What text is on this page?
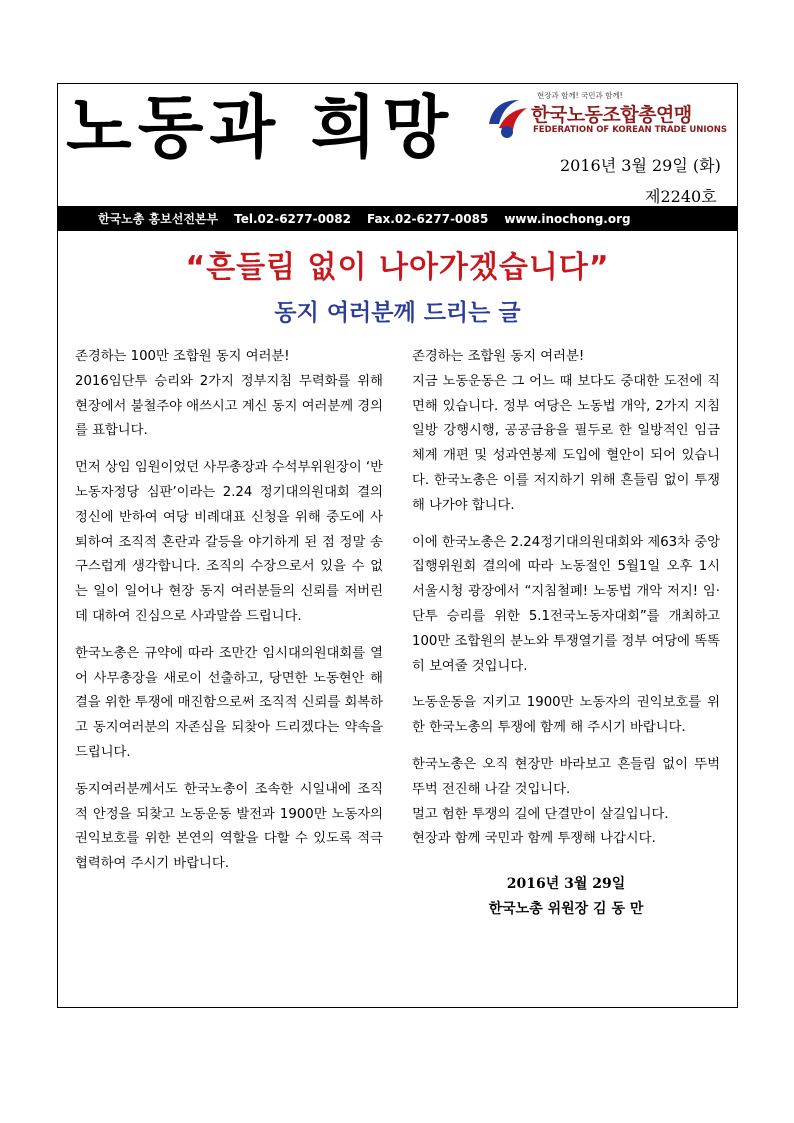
노동과 희망	현장과 함께! 국민과 함께!
한국노동조합총연맹
FEDERATION OF KOREAN TRADE UNIONS
2016년 3월 29일 (화)
제2240호
한국노총 홍보선전본부 Tel.02-6277-0082 Fax.02-6277-0085 www.inochong.org
“흔들림 없이 나아가겠습니다”
동지 여러분께 드리는 글

존경하는 100만 조합원 동지 여러분!
2016임단투 승리와 2가지 정부지침 무력화를 위해 현장에서 불철주야 애쓰시고 계신 동지 여러분께 경의를 표합니다.

먼저 상임 임원이었던 사무총장과 수석부위원장이 ‘반노동자정당 심판’이라는 2.24 정기대의원대회 결의 정신에 반하여 여당 비례대표 신청을 위해 중도에 사퇴하여 조직적 혼란과 갈등을 야기하게 된 점 정말 송구스럽게 생각합니다. 조직의 수장으로서 있을 수 없는 일이 일어나 현장 동지 여러분들의 신뢰를 저버린데 대하여 진심으로 사과말씀 드립니다.

한국노총은 규약에 따라 조만간 임시대의원대회를 열어 사무총장을 새로이 선출하고, 당면한 노동현안 해결을 위한 투쟁에 매진함으로써 조직적 신뢰를 회복하고 동지여러분의 자존심을 되찾아 드리겠다는 약속을 드립니다.

동지여러분께서도 한국노총이 조속한 시일내에 조직적 안정을 되찾고 노동운동 발전과 1900만 노동자의 권익보호를 위한 본연의 역할을 다할 수 있도록 적극 협력하여 주시기 바랍니다.

존경하는 조합원 동지 여러분!
지금 노동운동은 그 어느 때 보다도 중대한 도전에 직면해 있습니다. 정부 여당은 노동법 개악, 2가지 지침 일방 강행시행, 공공금융을 필두로 한 일방적인 임금체계 개편 및 성과연봉제 도입에 혈안이 되어 있습니다. 한국노총은 이를 저지하기 위해 흔들림 없이 투쟁해 나가야 합니다.

이에 한국노총은 2.24정기대의원대회와 제63차 중앙집행위원회 결의에 따라 노동절인 5월1일 오후 1시 서울시청 광장에서 “지침철폐! 노동법 개악 저지! 임·단투 승리를 위한 5.1전국노동자대회”를 개최하고 100만 조합원의 분노와 투쟁열기를 정부 여당에 똑똑히 보여줄 것입니다.

노동운동을 지키고 1900만 노동자의 권익보호를 위한 한국노총의 투쟁에 함께 해 주시기 바랍니다.

한국노총은 오직 현장만 바라보고 흔들림 없이 뚜벅 뚜벅 전진해 나갈 것입니다.
멀고 험한 투쟁의 길에 단결만이 살길입니다.
현장과 함께 국민과 함께 투쟁해 나갑시다.

2016년 3월 29일
한국노총 위원장 김 동 만
